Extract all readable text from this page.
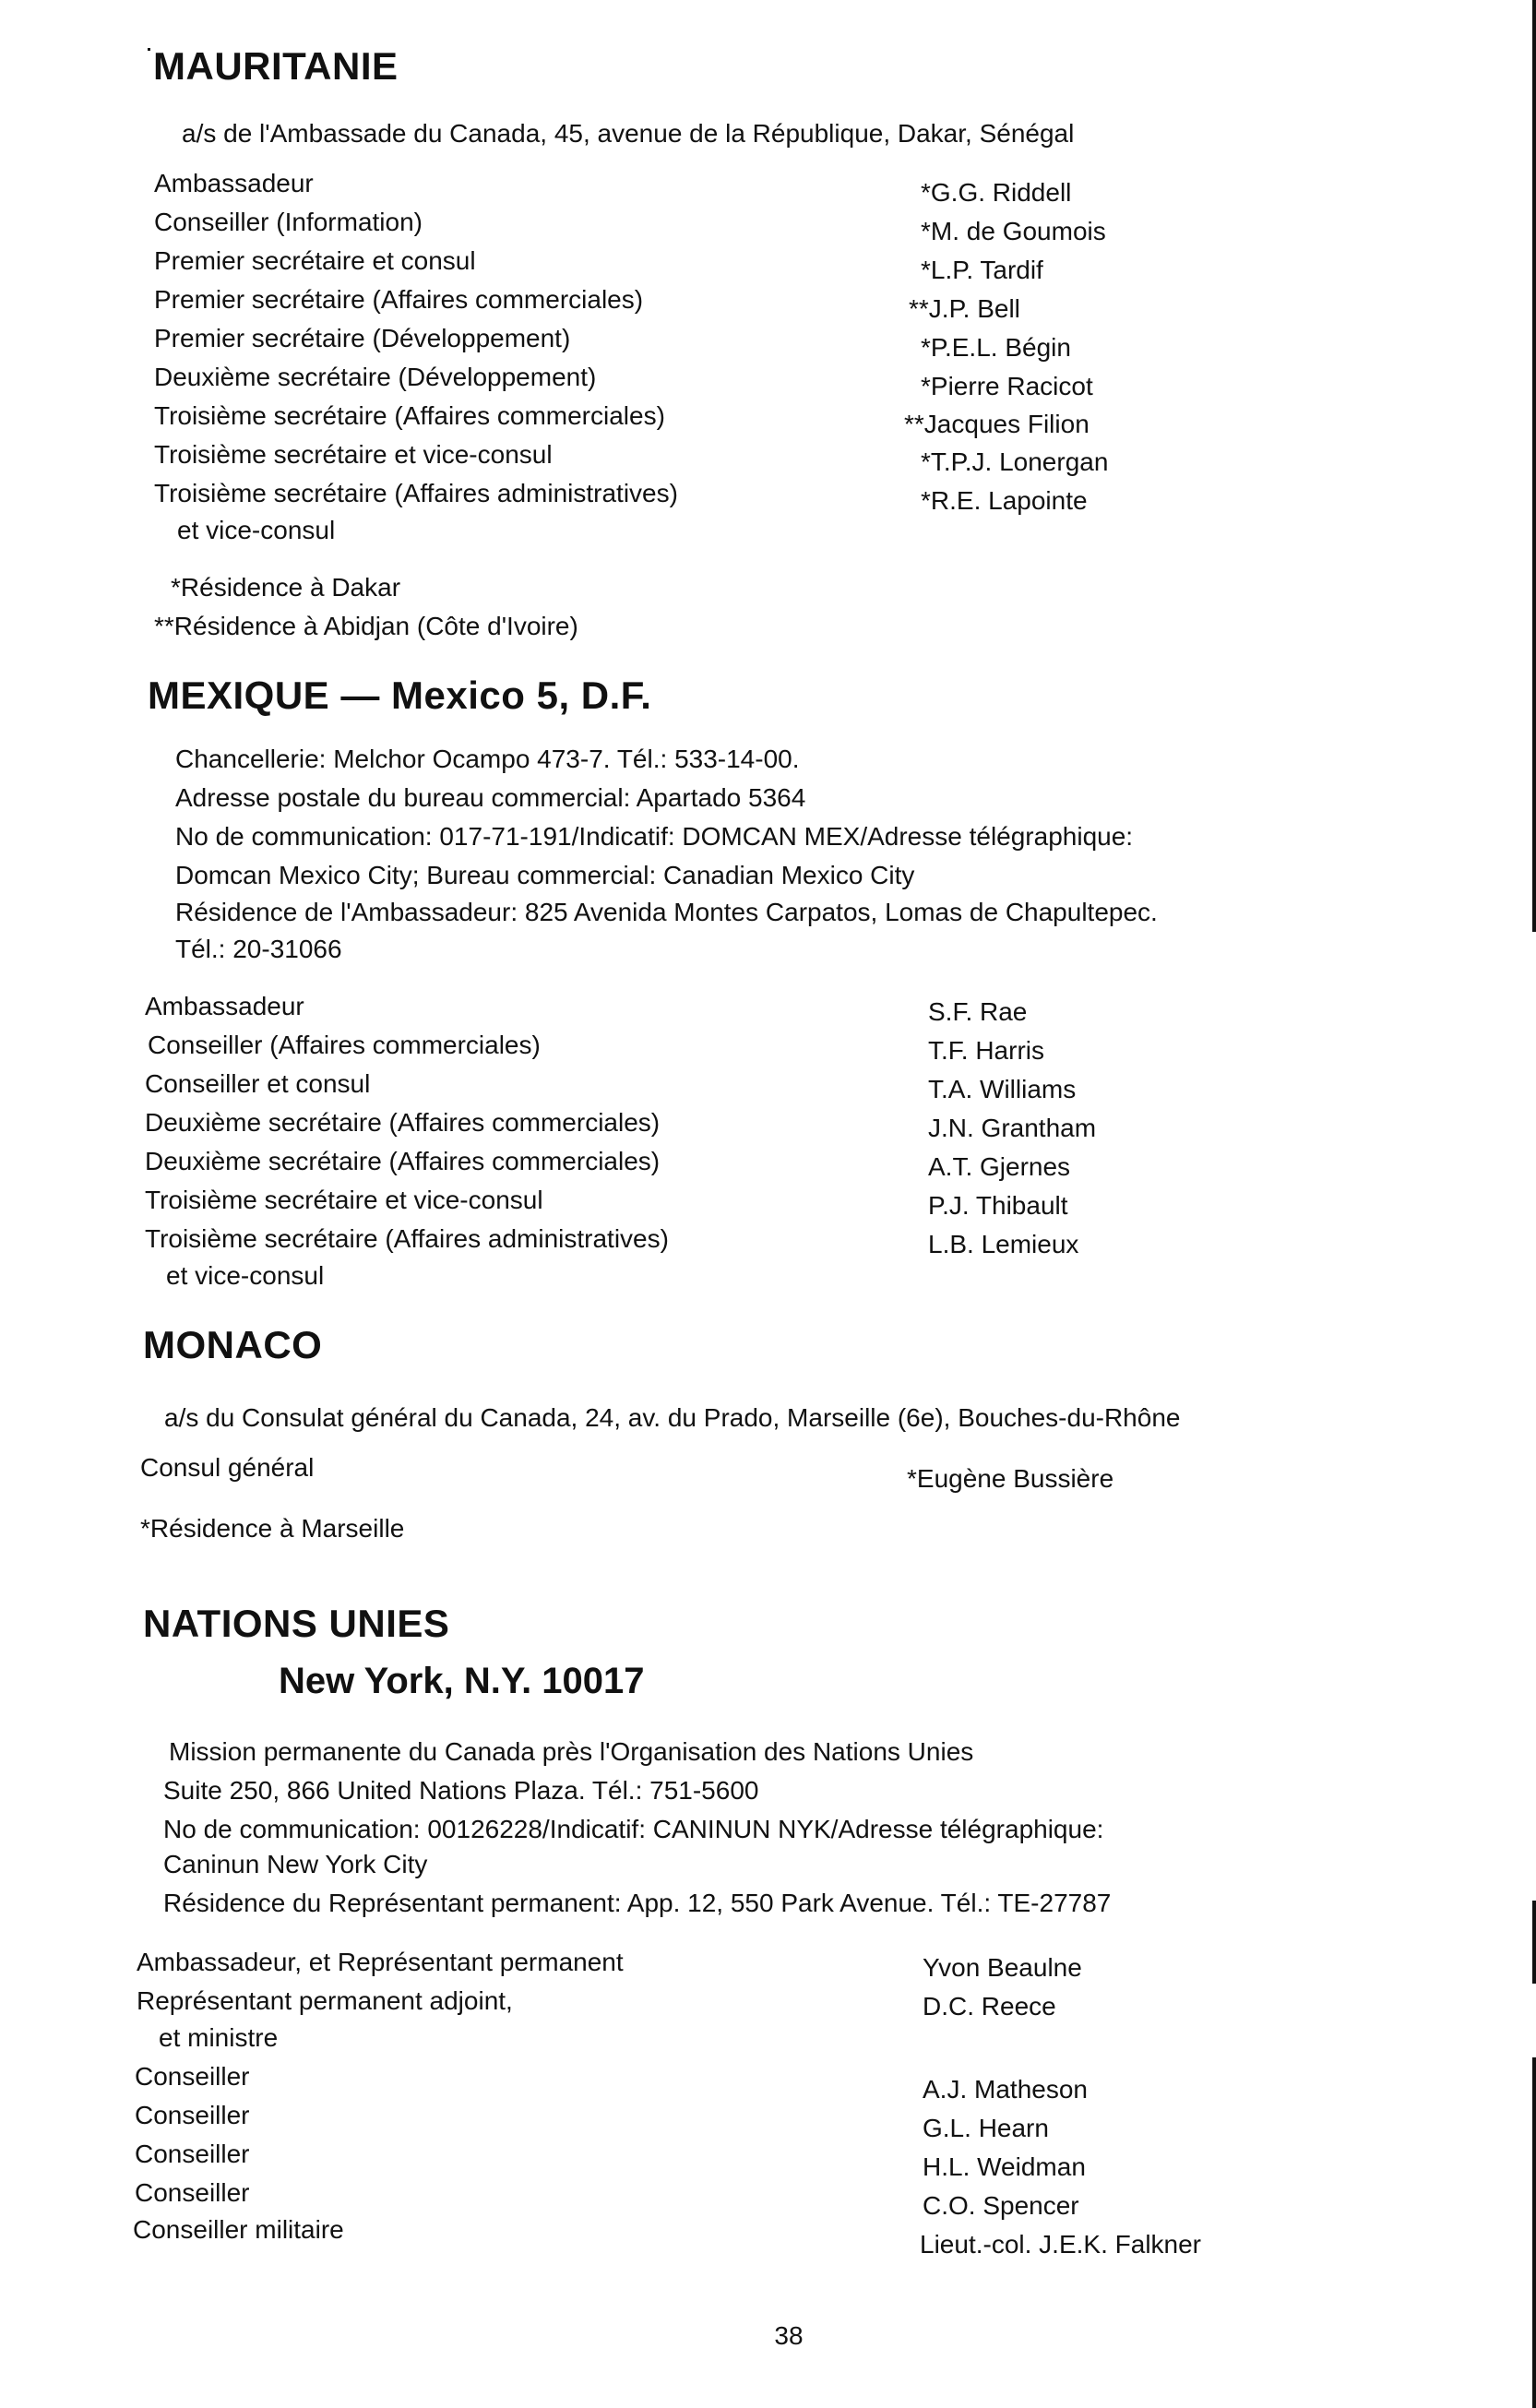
MAURITANIE
a/s de l'Ambassade du Canada, 45, avenue de la République, Dakar, Sénégal
Ambassadeur
Conseiller (Information)
Premier secrétaire et consul
Premier secrétaire (Affaires commerciales)
Premier secrétaire (Développement)
Deuxième secrétaire (Développement)
Troisième secrétaire (Affaires commerciales)
Troisième secrétaire et vice-consul
Troisième secrétaire (Affaires administratives)
et vice-consul
*G.G. Riddell
*M. de Goumois
*L.P. Tardif
**J.P. Bell
*P.E.L. Bégin
*Pierre Racicot
**Jacques Filion
*T.P.J. Lonergan
*R.E. Lapointe
*Résidence à Dakar
**Résidence à Abidjan (Côte d'Ivoire)
MEXIQUE — Mexico 5, D.F.
Chancellerie: Melchor Ocampo 473-7. Tél.: 533-14-00.
Adresse postale du bureau commercial: Apartado 5364
No de communication: 017-71-191/Indicatif: DOMCAN MEX/Adresse télégraphique:
Domcan Mexico City; Bureau commercial: Canadian Mexico City
Résidence de l'Ambassadeur: 825 Avenida Montes Carpatos, Lomas de Chapultepec.
Tél.: 20-31066
Ambassadeur
Conseiller (Affaires commerciales)
Conseiller et consul
Deuxième secrétaire (Affaires commerciales)
Deuxième secrétaire (Affaires commerciales)
Troisième secrétaire et vice-consul
Troisième secrétaire (Affaires administratives)
et vice-consul
S.F. Rae
T.F. Harris
T.A. Williams
J.N. Grantham
A.T. Gjernes
P.J. Thibault
L.B. Lemieux
MONACO
a/s du Consulat général du Canada, 24, av. du Prado, Marseille (6e), Bouches-du-Rhône
Consul général	*Eugène Bussière
*Résidence à Marseille
NATIONS UNIES
New York, N.Y. 10017
Mission permanente du Canada près l'Organisation des Nations Unies
Suite 250, 866 United Nations Plaza. Tél.: 751-5600
No de communication: 00126228/Indicatif: CANINUN NYK/Adresse télégraphique:
Caninun New York City
Résidence du Représentant permanent: App. 12, 550 Park Avenue. Tél.: TE-27787
Ambassadeur, et Représentant permanent
Représentant permanent adjoint,
et ministre
Conseiller
Conseiller
Conseiller
Conseiller
Conseiller militaire
Yvon Beaulne
D.C. Reece
A.J. Matheson
G.L. Hearn
H.L. Weidman
C.O. Spencer
Lieut.-col. J.E.K. Falkner
38
